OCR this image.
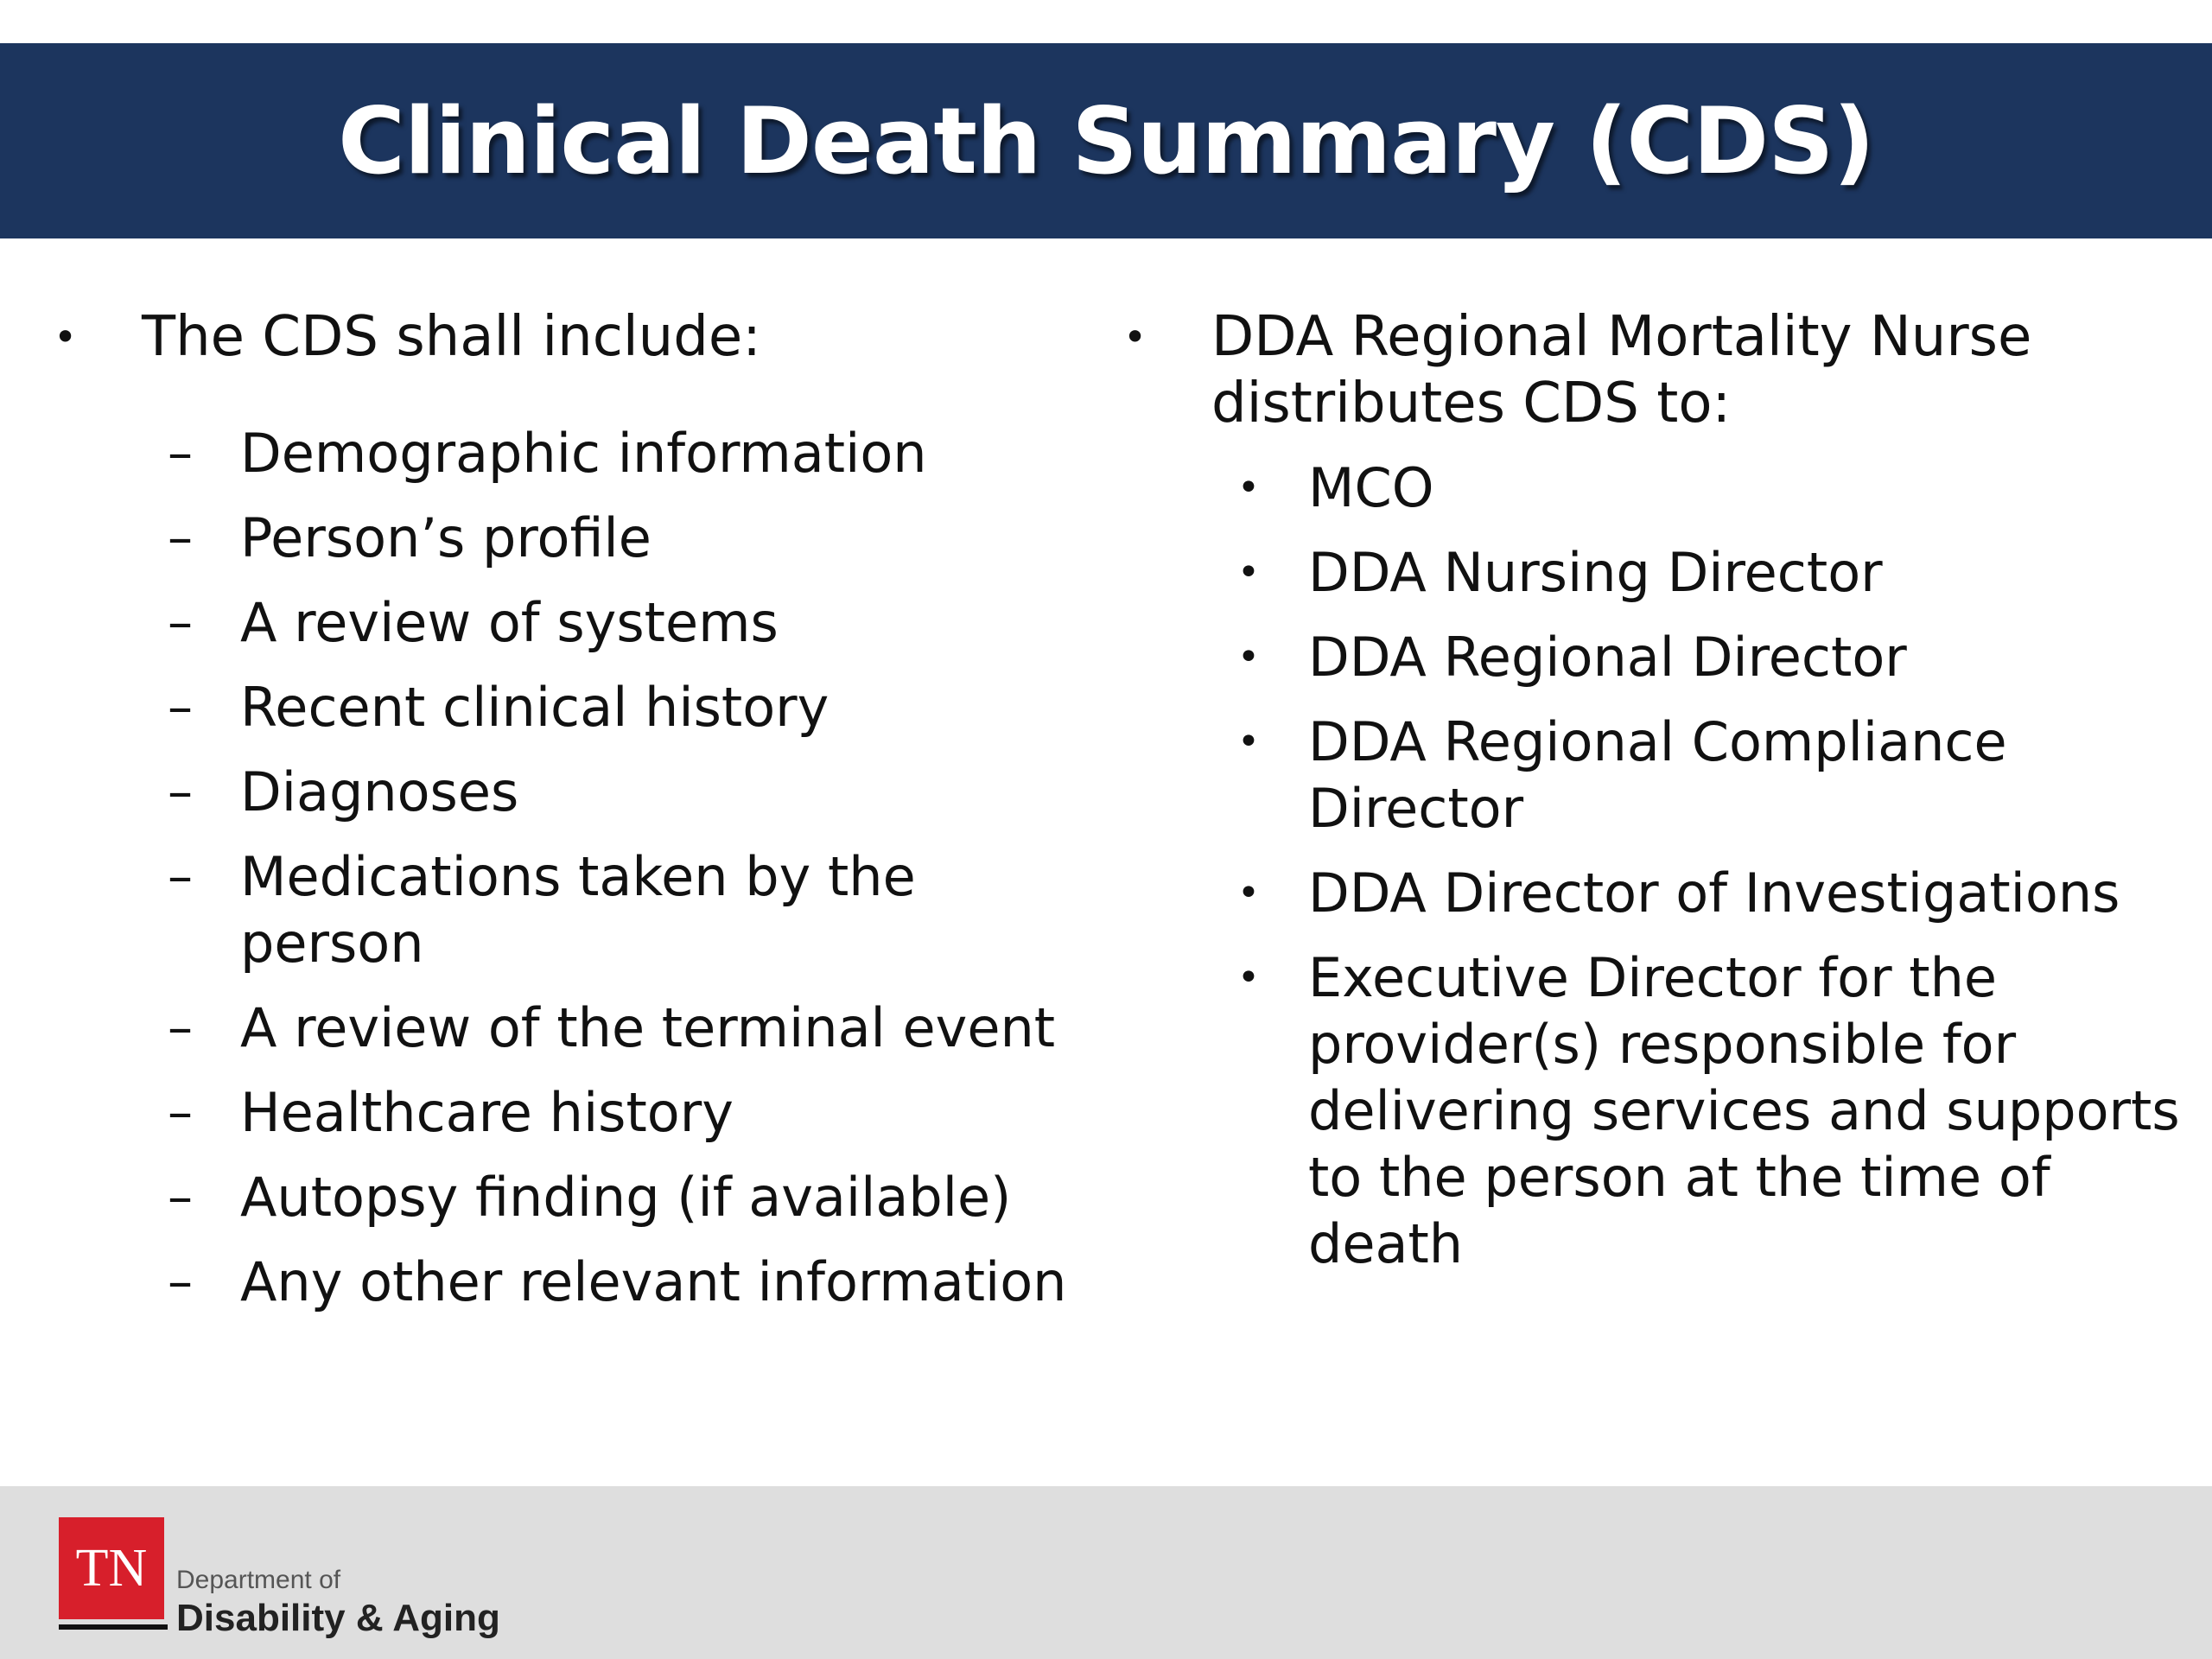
Clinical Death Summary (CDS)
• The CDS shall include:
– Demographic information
– Person’s profile
– A review of systems
– Recent clinical history
– Diagnoses
– Medications taken by the person
– A review of the terminal event
– Healthcare history
– Autopsy finding (if available)
– Any other relevant information
• DDA Regional Mortality Nurse distributes CDS to:
• MCO
• DDA Nursing Director
• DDA Regional Director
• DDA Regional Compliance Director
• DDA Director of Investigations
• Executive Director for the provider(s) responsible for delivering services and supports to the person at the time of death
TN Department of
Disability & Aging
